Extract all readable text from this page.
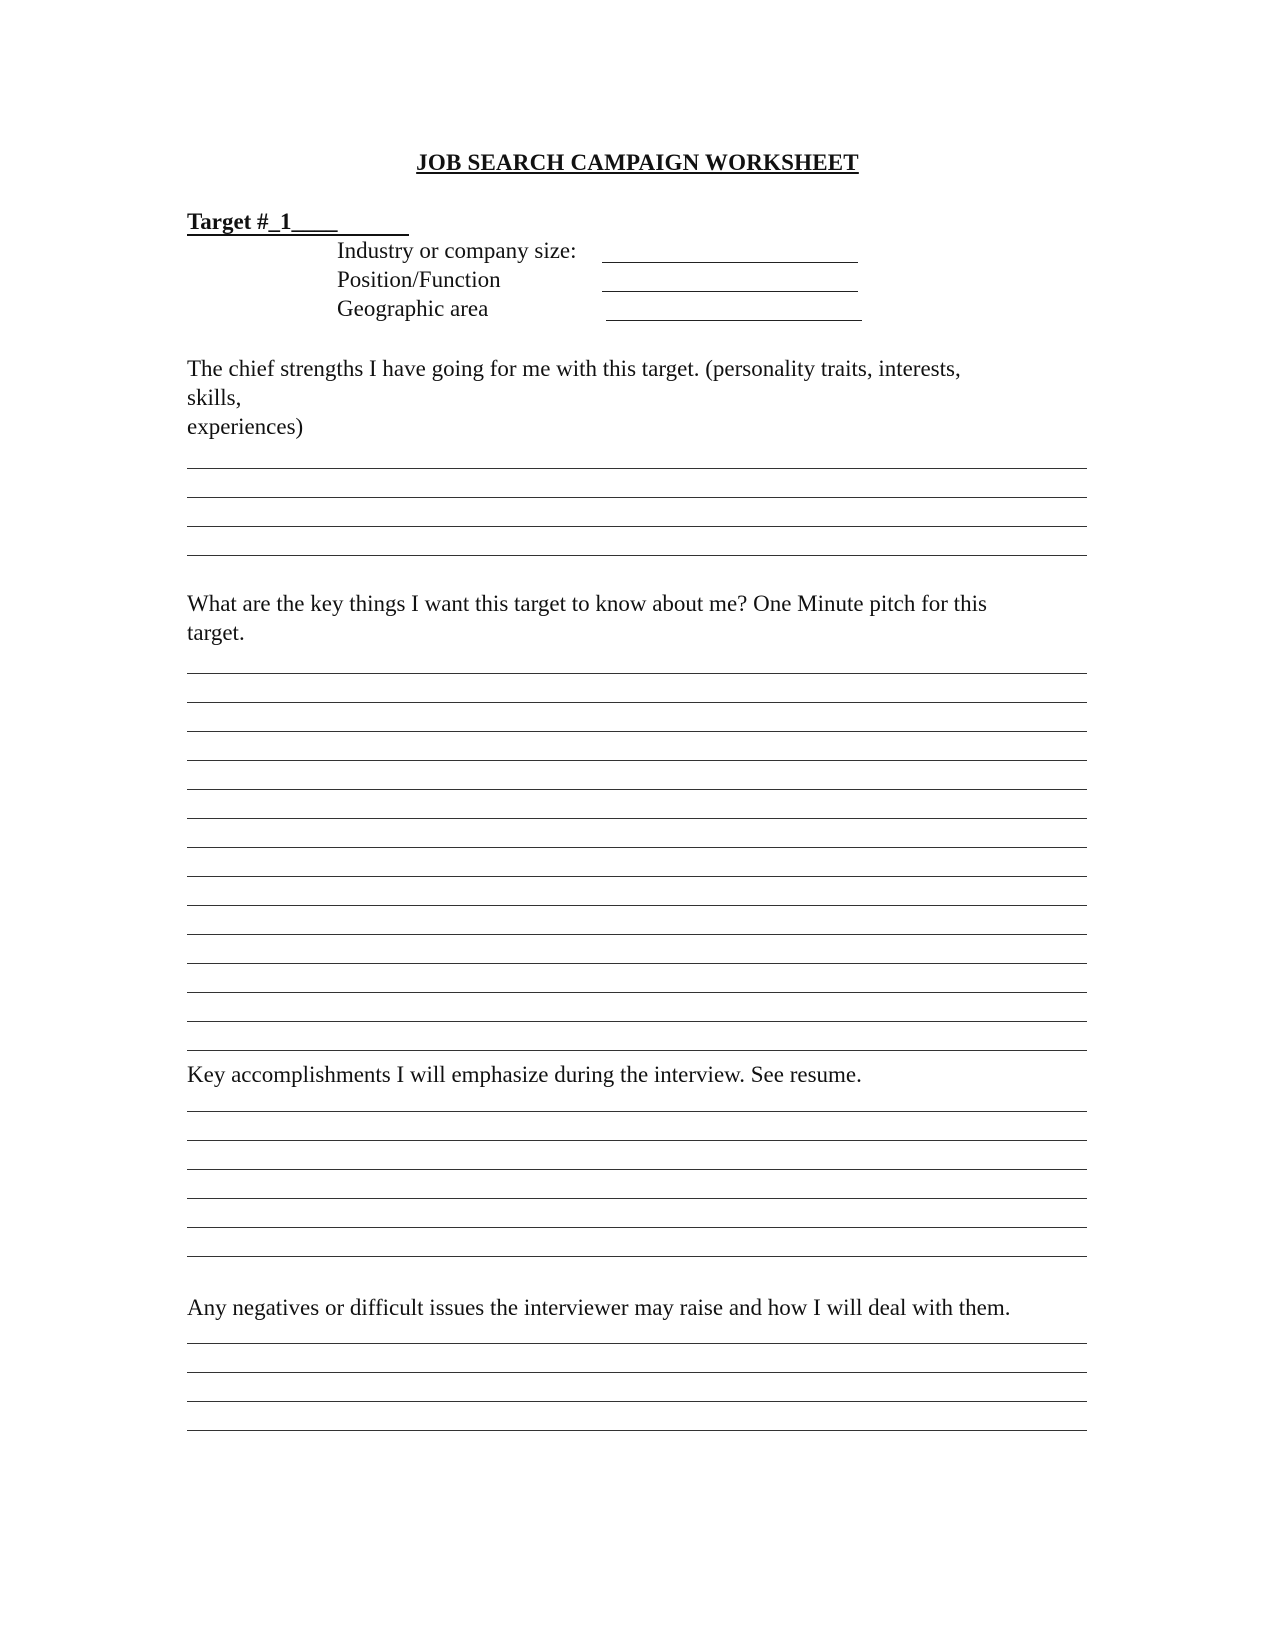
JOB SEARCH CAMPAIGN WORKSHEET
Target #_1____
Industry or company size:
Position/Function
Geographic area
The chief strengths I have going for me with this target. (personality traits, interests,
skills,
experiences)
What are the key things I want this target to know about me? One Minute pitch for this
target.
Key accomplishments I will emphasize during the interview. See resume.
Any negatives or difficult issues the interviewer may raise and how I will deal with them.
